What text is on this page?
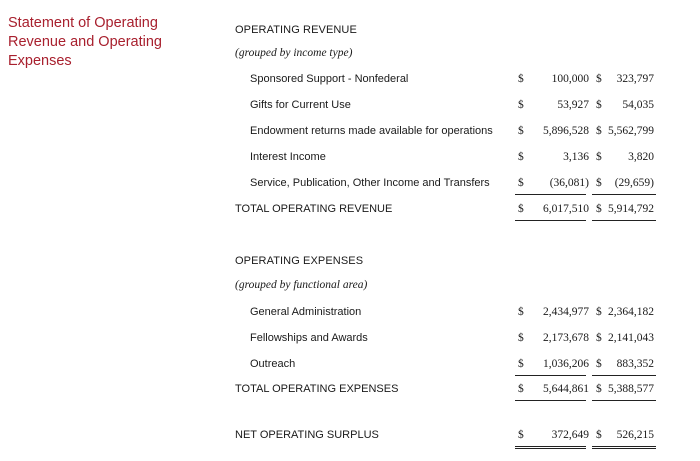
Statement of Operating
Revenue and Operating
Expenses
OPERATING REVENUE
(grouped by income type)
Sponsored Support - Nonfederal	$	100,000 $	323,797
Gifts for Current Use	$	53,927 $	54,035
Endowment returns made available for operations $	5,896,528 $ 5,562,799
Interest Income	$	3,136 $	3,820
Service, Publication, Other Income and Transfers $	(36,081) $	(29,659)
TOTAL OPERATING REVENUE	$	6,017,510 $ 5,914,792
OPERATING EXPENSES
(grouped by functional area)
General Administration	$	2,434,977 $ 2,364,182
Fellowships and Awards	$	2,173,678 $ 2,141,043
Outreach	$	1,036,206 $	883,352
TOTAL OPERATING EXPENSES	$	5,644,861 $ 5,388,577
NET OPERATING SURPLUS	$	372,649 $	526,215
